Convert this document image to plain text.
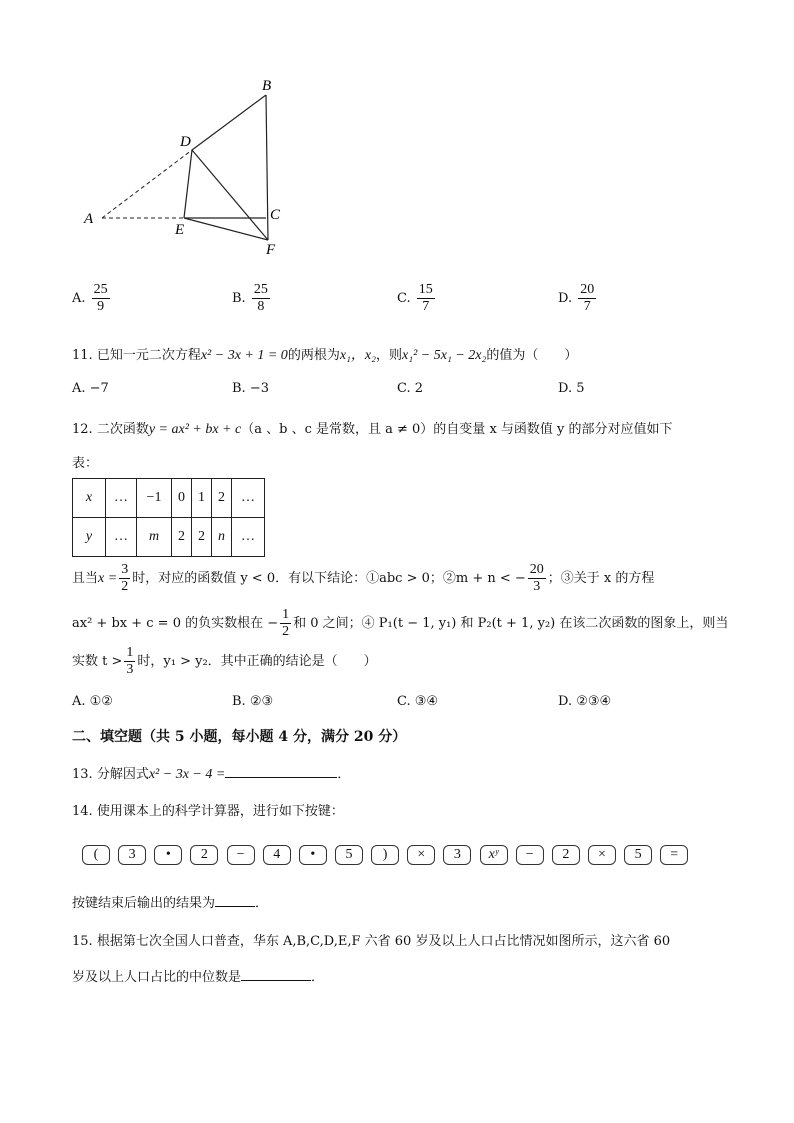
B
D
A	C
E
F
A. $\frac{25}{9}$	B. $\frac{25}{8}$	C. $\frac{15}{7}$	D. $\frac{20}{7}$
11. 已知一元二次方程x² − 3x + 1 = 0的两根为x₁，x₂，则x₁² − 5x₁ − 2x₂的值为（　　）
A. −7	B. −3	C. 2	D. 5
12. 二次函数y = ax² + bx + c（a 、b 、c 是常数，且 a ≠ 0）的自变量 x 与函数值 y 的部分对应值如下
表：
x	…	−1	0	1	2	…
y	…	m	2	2	n	…
且当$x = \frac{3}{2}$ 时，对应的函数值 y < 0．有以下结论：①abc > 0；②m + n < − $\frac{20}{3}$ ；③关于 x 的方程
ax² + bx + c = 0 的负实数根在 − $\frac{1}{2}$ 和 0 之间；④ P₁(t − 1, y₁) 和 P₂(t + 1, y₂) 在该二次函数的图象上，则当
实数 $t > \frac{1}{3}$ 时，y₁ > y₂．其中正确的结论是（　　）
A. ①②	B. ②③	C. ③④	D. ②③④
二、填空题（共 5 小题，每小题 4 分，满分 20 分）
13. 分解因式x² − 3x − 4 =	．
14. 使用课本上的科学计算器，进行如下按键：
( 3 • 2 − 4 • 5 ) × 3 xʸ − 2 × 5 =
按键结束后输出的结果为	．
15. 根据第七次全国人口普查，华东 A,B,C,D,E,F 六省 60 岁及以上人口占比情况如图所示，这六省 60
岁及以上人口占比的中位数是	．
